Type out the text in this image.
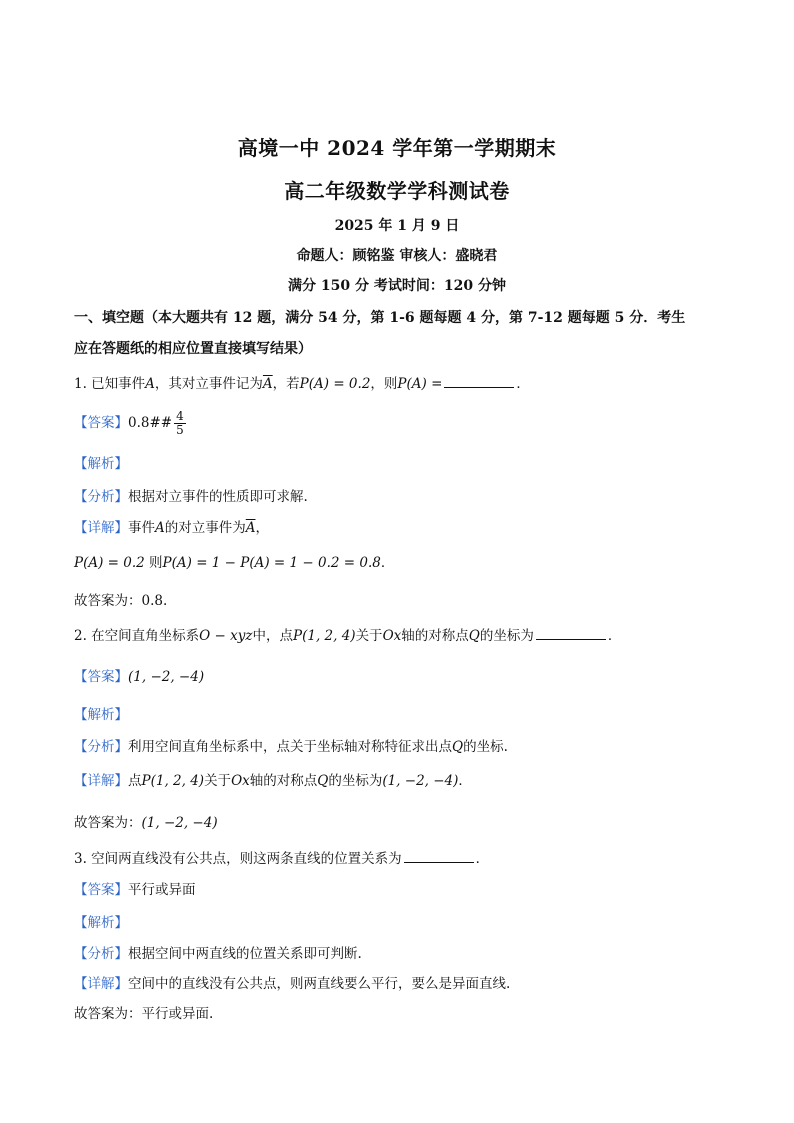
高境一中 2024 学年第一学期期末
高二年级数学学科测试卷
2025 年 1 月 9 日
命题人：顾铭鉴 审核人：盛晓君
满分 150 分 考试时间：120 分钟
一、填空题（本大题共有 12 题，满分 54 分，第 1-6 题每题 4 分，第 7-12 题每题 5 分．考生
应在答题纸的相应位置直接填写结果）
1. 已知事件A，其对立事件记为$\overline{A}$，若P(A) = 0.2，则P(A) =	．
【答案】0.8## $\frac{4}{5}$
【解析】
【分析】根据对立事件的性质即可求解.
【详解】事件A的对立事件为$\overline{A}$，
P(A) = 0.2 则P(A) = 1 − P(A) = 1 − 0.2 = 0.8．
故答案为：0.8.
2. 在空间直角坐标系O − xyz中，点P(1, 2, 4)关于Ox轴的对称点Q的坐标为	．
【答案】(1, −2, −4)
【解析】
【分析】利用空间直角坐标系中，点关于坐标轴对称特征求出点Q的坐标.
【详解】点P(1, 2, 4)关于Ox轴的对称点Q的坐标为(1, −2, −4)．
故答案为：(1, −2, −4)
3. 空间两直线没有公共点，则这两条直线的位置关系为	．
【答案】平行或异面
【解析】
【分析】根据空间中两直线的位置关系即可判断.
【详解】空间中的直线没有公共点，则两直线要么平行，要么是异面直线.
故答案为：平行或异面.
